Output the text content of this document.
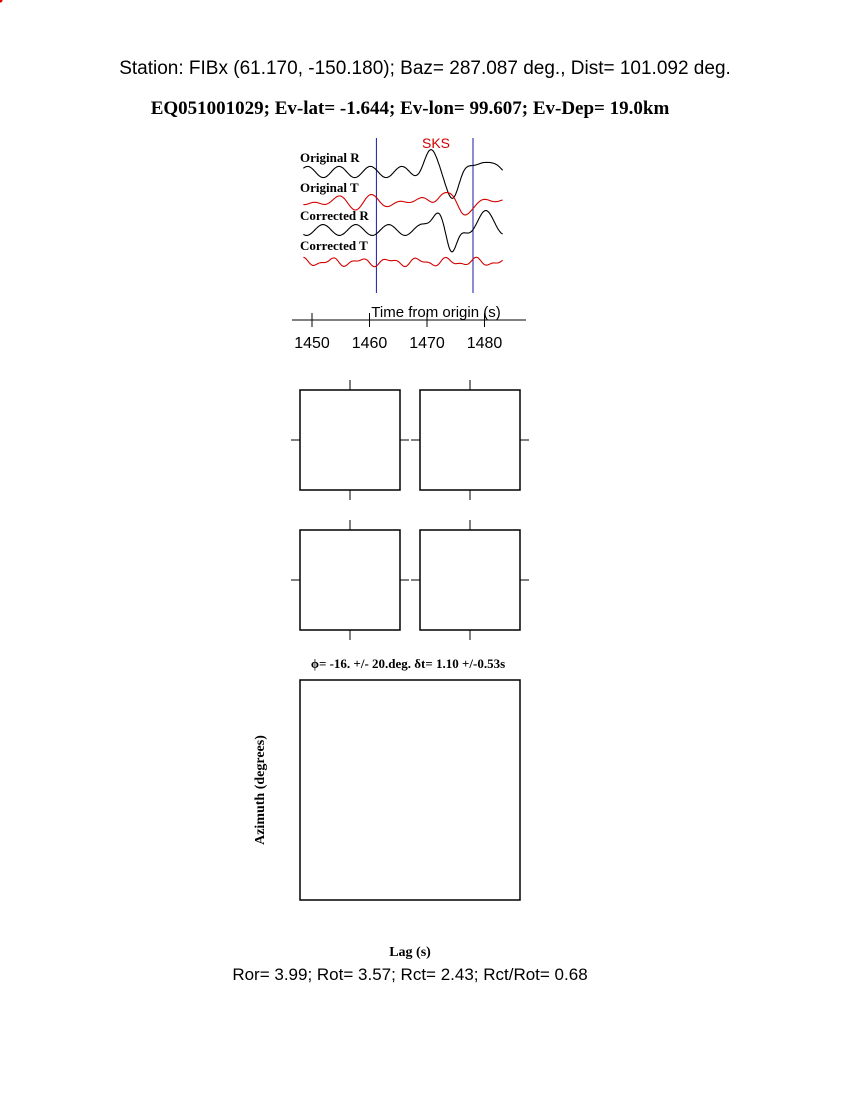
Station: FIBx (61.170, -150.180); Baz= 287.087 deg., Dist= 101.092 deg.
EQ051001029; Ev-lat= -1.644; Ev-lon= 99.607; Ev-Dep= 19.0km
SKS
Original R
Original T
Corrected R
Corrected T
Time from origin (s)
1450 1460 1470 1480
ϕ= -16. +/- 20.deg. δt= 1.10 +/-0.53s
Lag (s)
Azimuth (degrees)
Ror= 3.99; Rot= 3.57; Rct= 2.43; Rct/Rot= 0.68
